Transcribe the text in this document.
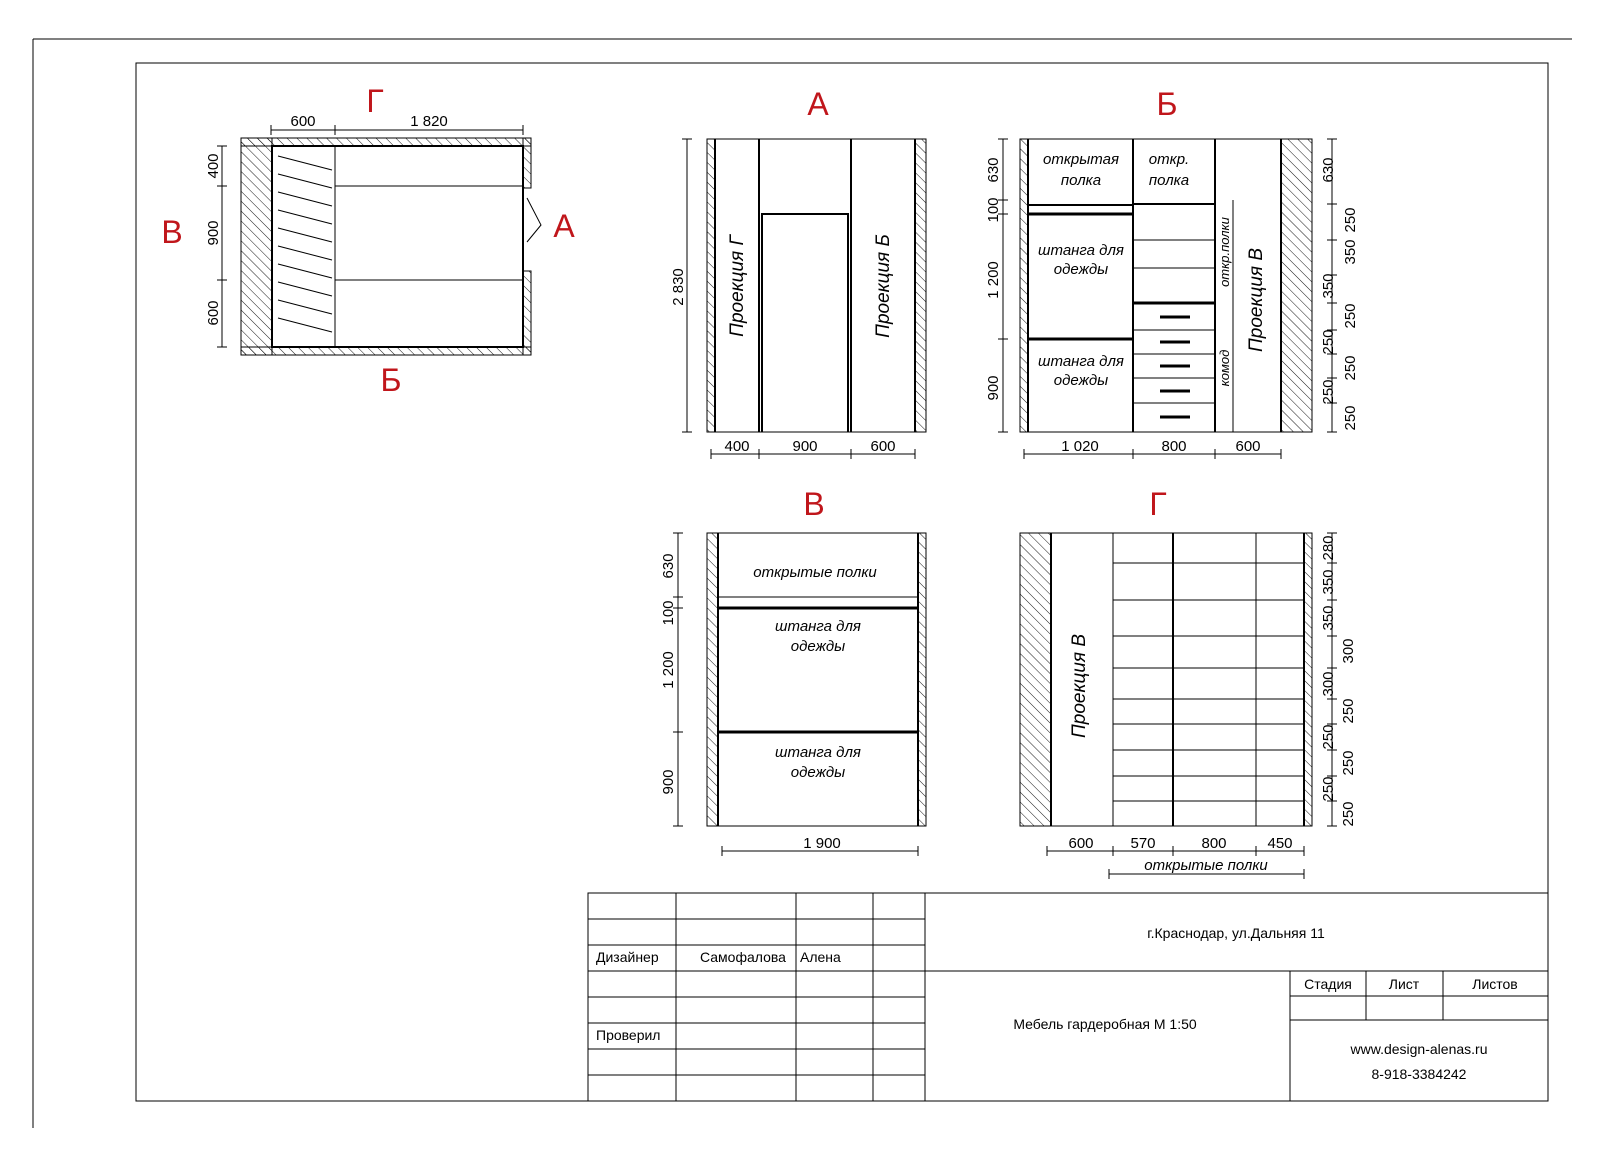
Г
В	А
Б
600	1 820
400
900
600
А
2 830 Проекция Г	Проекция Б
400	900	600
Б
открытая
полка
откр.
полка
штанга для
одежды
штанга для
одежды
откр.полки
комод
Проекция В
630
100
1 200
900
630
250
350
350
250
250
250
250
250
1 020	800	600
В
открытые полки
штанга для
одежды
штанга для
одежды
630
100
1 200
900
1 900
Г
Проекция В
280
350
350
300
300
250
250
250
250
250
600 570	800	450
открытые полки
Дизайнер	Самофалова Алена
Проверил
г.Краснодар, ул.Дальняя 11
Мебель гардеробная М 1:50
Стадия	Лист	Листов
www.design-alenas.ru
8-918-3384242
